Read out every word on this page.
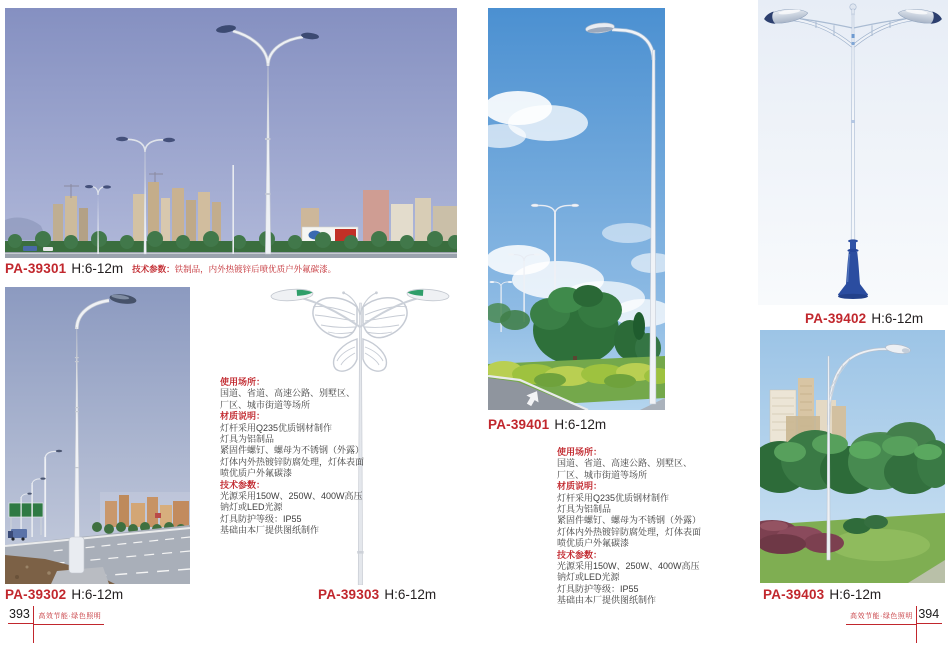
PA-39301 H:6-12m 技术参数：铁制品，内外热镀锌后喷优质户外氟碳漆。
使用场所：
国道、省道、高速公路、别墅区、
厂区、城市街道等场所
材质说明：
灯杆采用Q235优质钢材制作
灯具为铝制品
紧固件螺钉、螺母为不锈钢（外露）
灯体内外热镀锌防腐处理，灯体表面
喷优质户外氟碳漆
技术参数：
光源采用150W、250W、400W高压
钠灯或LED光源
灯具防护等级：IP55
基础由本厂提供图纸制作
PA-39302 H:6-12m	PA-39303 H:6-12m
393	高效节能·绿色照明
PA-39402 H:6-12m
PA-39401 H:6-12m
使用场所：
国道、省道、高速公路、别墅区、
厂区、城市街道等场所
材质说明：
灯杆采用Q235优质钢材制作
灯具为铝制品
紧固件螺钉、螺母为不锈钢（外露）
灯体内外热镀锌防腐处理，灯体表面
喷优质户外氟碳漆
技术参数：
光源采用150W、250W、400W高压
钠灯或LED光源
灯具防护等级：IP55
基础由本厂提供图纸制作	PA-39403 H:6-12m
高效节能·绿色照明 394
